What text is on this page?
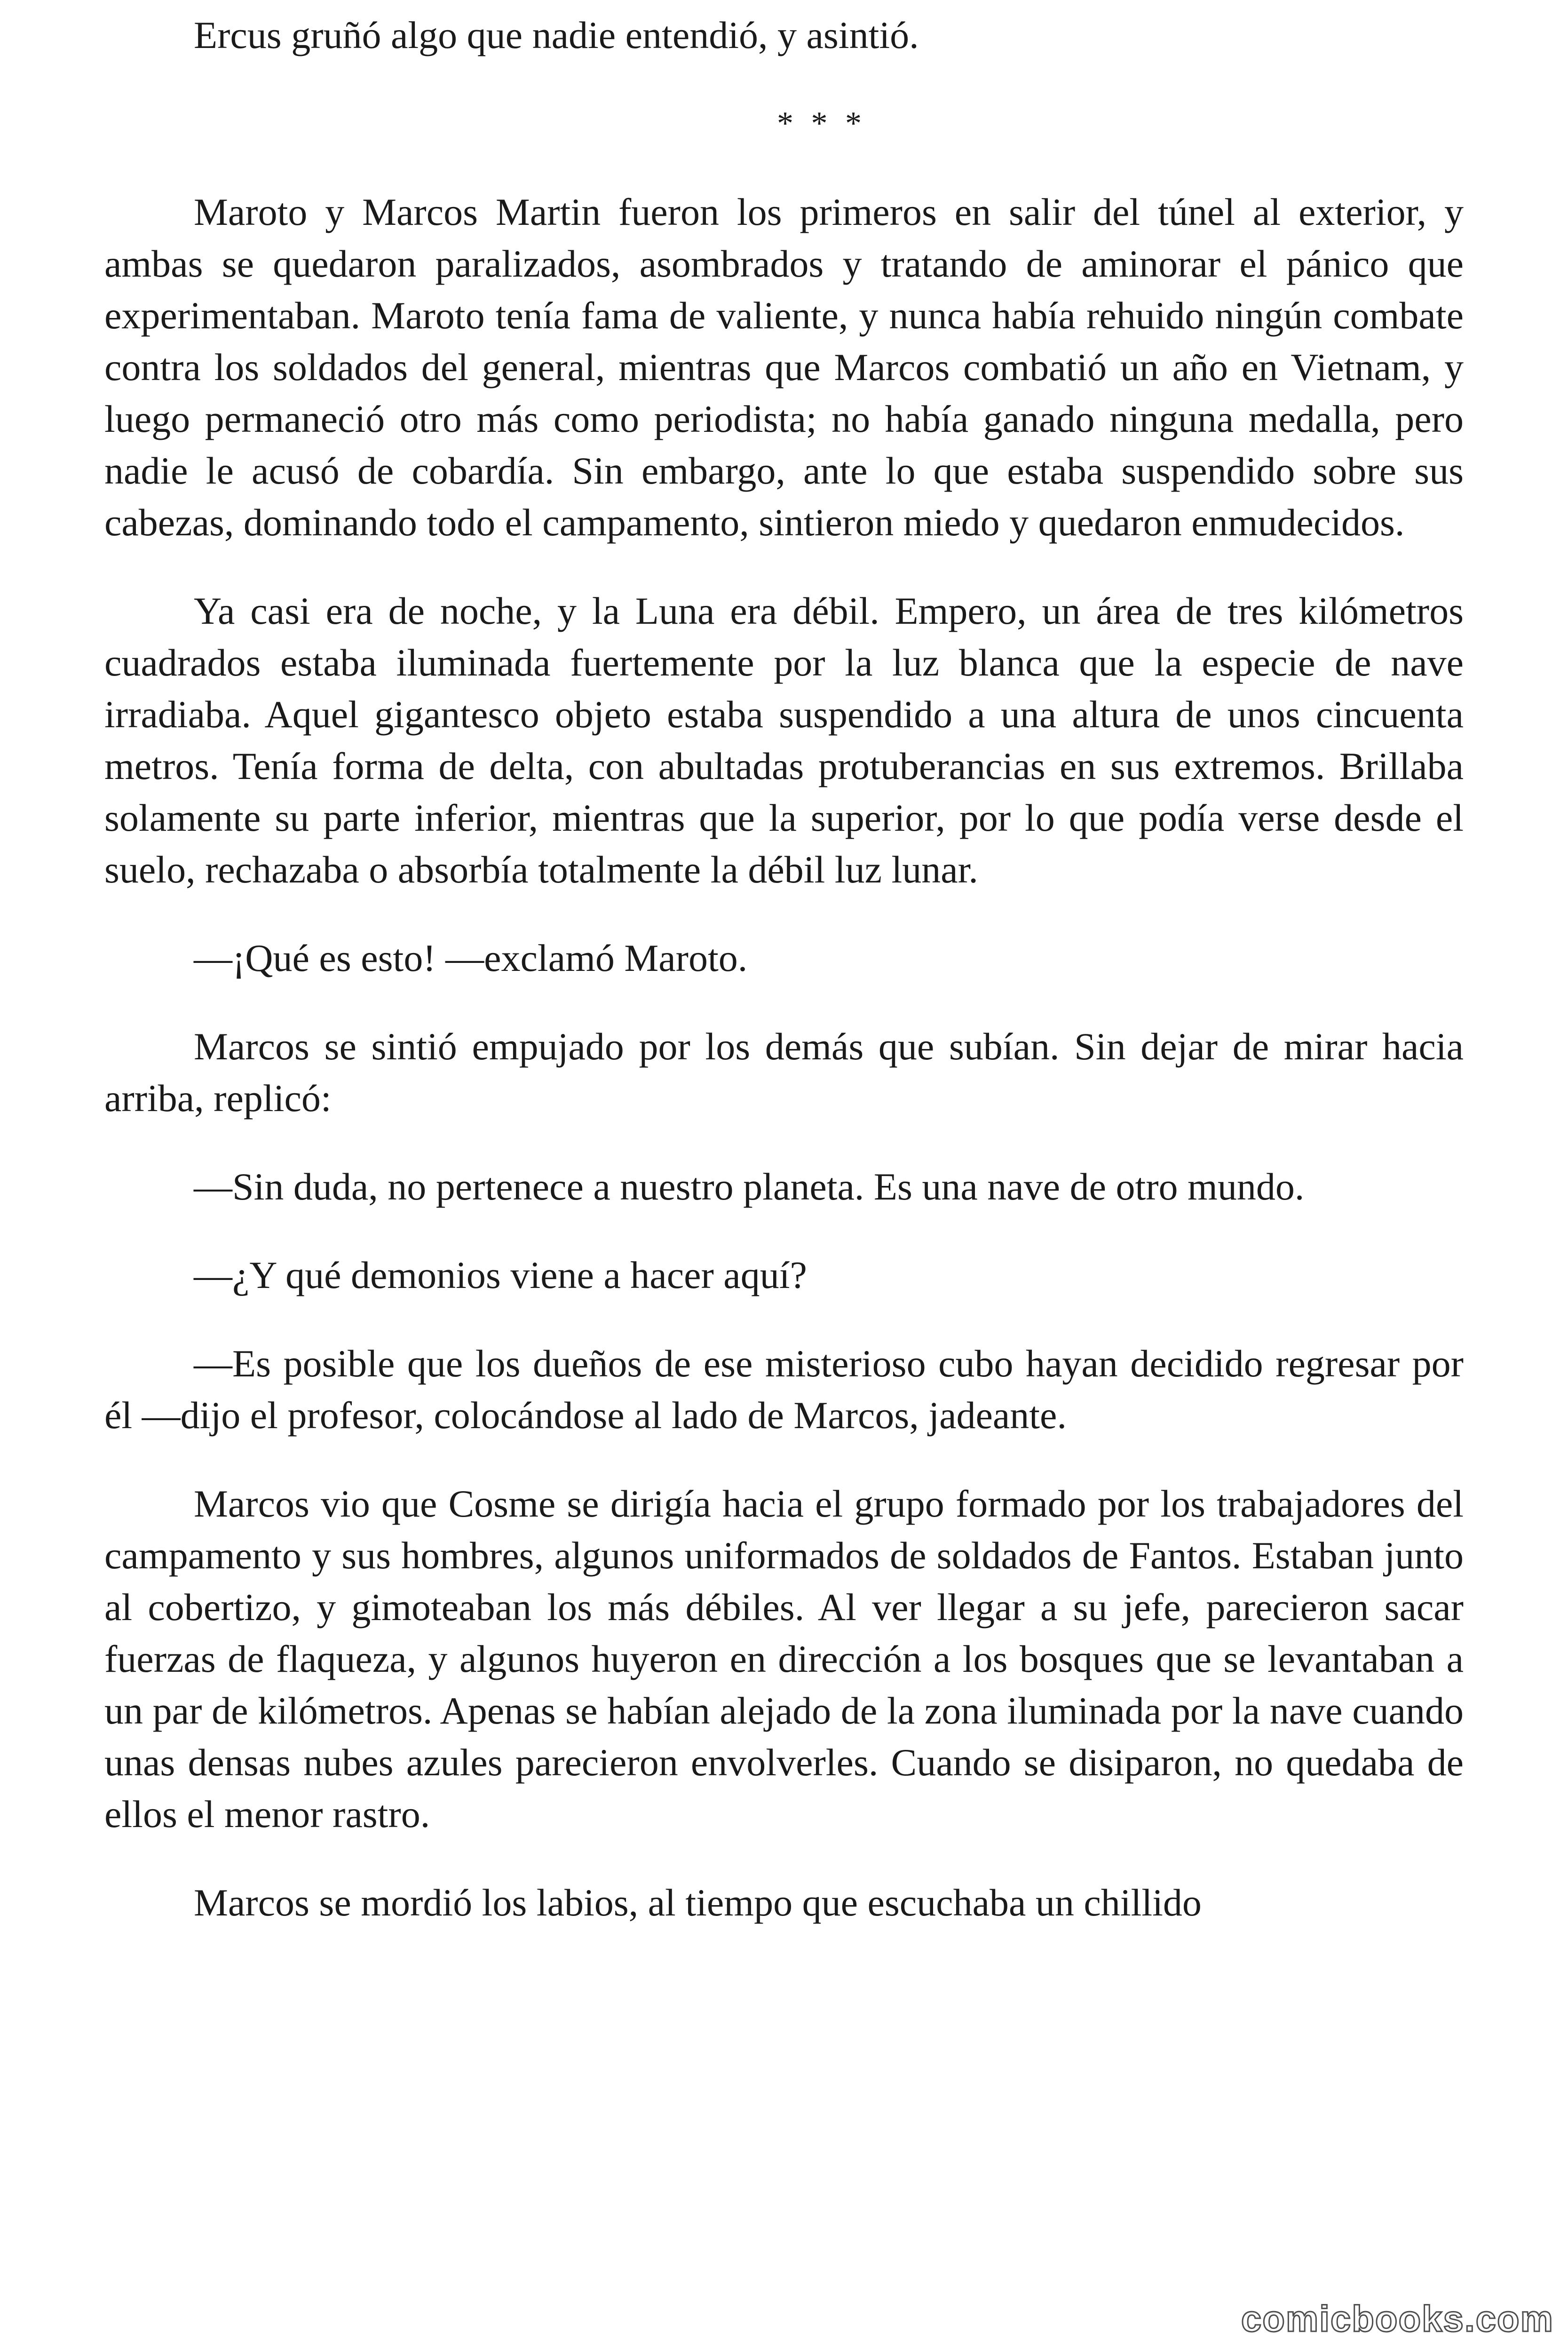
Ercus gruñó algo que nadie entendió, y asintió.

* * *

Maroto y Marcos Martin fueron los primeros en salir del túnel al exterior, y ambas se quedaron paralizados, asombrados y tratando de aminorar el pánico que experimentaban. Maroto tenía fama de valiente, y nunca había rehuido ningún combate contra los soldados del general, mientras que Marcos combatió un año en Vietnam, y luego permaneció otro más como periodista; no había ganado ninguna medalla, pero nadie le acusó de cobardía. Sin embargo, ante lo que estaba suspendido sobre sus cabezas, dominando todo el campamento, sintieron miedo y quedaron enmudecidos.

Ya casi era de noche, y la Luna era débil. Empero, un área de tres kilómetros cuadrados estaba iluminada fuertemente por la luz blanca que la especie de nave irradiaba. Aquel gigantesco objeto estaba suspendido a una altura de unos cincuenta metros. Tenía forma de delta, con abultadas protuberancias en sus extremos. Brillaba solamente su parte inferior, mientras que la superior, por lo que podía verse desde el suelo, rechazaba o absorbía totalmente la débil luz lunar.

—¡Qué es esto! —exclamó Maroto.

Marcos se sintió empujado por los demás que subían. Sin dejar de mirar hacia arriba, replicó:

—Sin duda, no pertenece a nuestro planeta. Es una nave de otro mundo.

—¿Y qué demonios viene a hacer aquí?

—Es posible que los dueños de ese misterioso cubo hayan decidido regresar por él —dijo el profesor, colocándose al lado de Marcos, jadeante.

Marcos vio que Cosme se dirigía hacia el grupo formado por los trabajadores del campamento y sus hombres, algunos uniformados de soldados de Fantos. Estaban junto al cobertizo, y gimoteaban los más débiles. Al ver llegar a su jefe, parecieron sacar fuerzas de flaqueza, y algunos huyeron en dirección a los bosques que se levantaban a un par de kilómetros. Apenas se habían alejado de la zona iluminada por la nave cuando unas densas nubes azules parecieron envolverles. Cuando se disiparon, no quedaba de ellos el menor rastro.

Marcos se mordió los labios, al tiempo que escuchaba un chillido

comicbooks.com
